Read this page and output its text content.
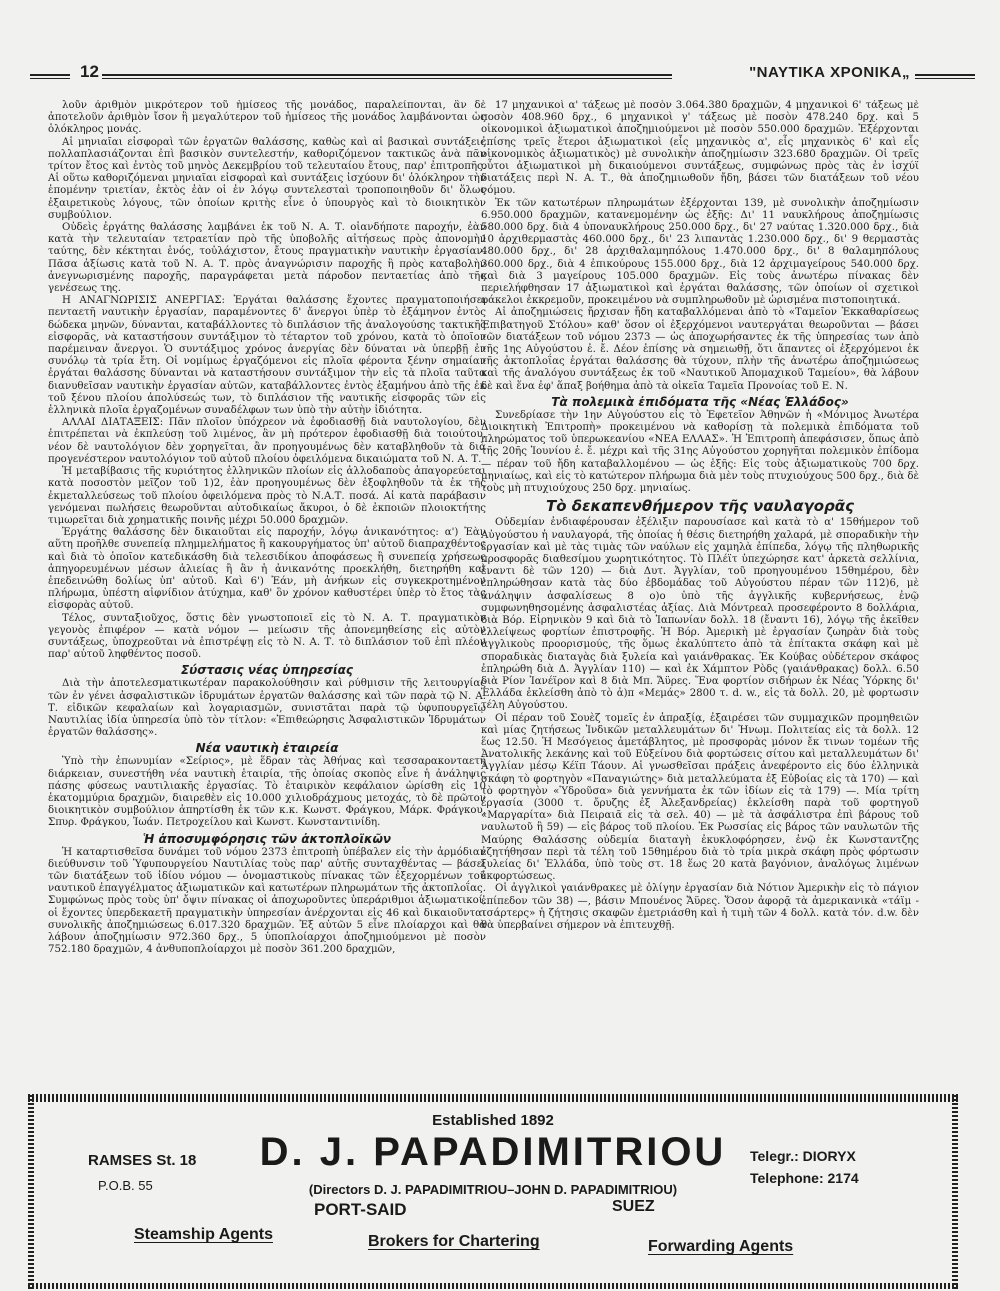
12	"ΝΑΥΤΙΚΑ ΧΡΟΝΙΚΑ„

λοῦν ἀριθμὸν μικρότερον τοῦ ἡμίσεος τῆς μονάδος, παραλείπονται, ἂν δὲ ἀποτελοῦν ἀριθμὸν ἴσον ἢ μεγαλύτερον τοῦ ἡμίσεος τῆς μονάδος λαμβάνονται ὡς ὁλόκληρος μονάς.

Αἱ μηνιαῖαι εἰσφοραὶ τῶν ἐργατῶν θαλάσσης, καθὼς καὶ αἱ βασικαὶ συντάξεις πολλαπλασιάζονται ἐπὶ βασικὸν συντελεστήν, καθοριζόμενον τακτικῶς ἀνὰ πᾶν τρίτον ἔτος καὶ ἐντὸς τοῦ μηνὸς Δεκεμβρίου τοῦ τελευταίου ἔτους, παρ' ἐπιτροπῆς. Αἱ οὕτω καθοριζόμεναι μηνιαῖαι εἰσφοραὶ καὶ συντάξεις ἰσχύουν δι' ὁλόκληρον τὴν ἑπομένην τριετίαν, ἐκτὸς ἐὰν οἱ ἐν λόγῳ συντελεσταὶ τροποποιηθοῦν δι' ὅλως ἐξαιρετικοὺς λόγους, τῶν ὁποίων κριτὴς εἶνε ὁ ὑπουργὸς καὶ τὸ διοικητικὸν συμβούλιον.

Οὐδεὶς ἐργάτης θαλάσσης λαμβάνει ἐκ τοῦ Ν. Α. Τ. οἱανδήποτε παροχήν, ἐὰν κατὰ τὴν τελευταίαν τετραετίαν πρὸ τῆς ὑποβολῆς αἰτήσεως πρὸς ἀπονομὴν ταύτης, δὲν κέκτηται ἑνός, τοὐλάχιστον, ἔτους πραγματικὴν ναυτικὴν ἐργασίαν. Πᾶσα ἀξίωσις κατὰ τοῦ Ν. Α. Τ. πρὸς ἀναγνώρισιν παροχῆς ἢ πρὸς καταβολὴν ἀνεγνωρισμένης παροχῆς, παραγράφεται μετὰ πάροδον πενταετίας ἀπὸ τῆς γενέσεως της.

Η ΑΝΑΓΝΩΡΙΣΙΣ ΑΝΕΡΓΙΑΣ: Ἐργάται θαλάσσης ἔχοντες πραγματοποιήσει πενταετῆ ναυτικὴν ἐργασίαν, παραμένοντες δ' ἄνεργοι ὑπὲρ τὸ ἑξάμηνον ἐντὸς δώδεκα μηνῶν, δύνανται, καταβάλλοντες τὸ διπλάσιον τῆς ἀναλογούσης τακτικῆς εἰσφορᾶς, νὰ καταστήσουν συντάξιμον τὸ τέταρτον τοῦ χρόνου, κατὰ τὸ ὁποῖον παρέμειναν ἄνεργοι. Ὁ συντάξιμος χρόνος ἀνεργίας δὲν δύναται νὰ ὑπερβῇ ἐν συνόλῳ τὰ τρία ἔτη. Οἱ νομίμως ἐργαζόμενοι εἰς πλοῖα φέροντα ξένην σημαίαν ἐργάται θαλάσσης δύνανται νὰ καταστήσουν συντάξιμον τὴν εἰς τὰ πλοῖα ταῦτα διανυθεῖσαν ναυτικὴν ἐργασίαν αὐτῶν, καταβάλλοντες ἐντὸς ἑξαμήνου ἀπὸ τῆς ἐκ τοῦ ξένου πλοίου ἀπολύσεώς των, τὸ διπλάσιον τῆς ναυτικῆς εἰσφορᾶς τῶν εἰς ἑλληνικὰ πλοῖα ἐργαζομένων συναδέλφων των ὑπὸ τὴν αὐτὴν ἰδιότητα.

ΑΛΛΑΙ ΔΙΑΤΑΞΕΙΣ: Πᾶν πλοῖον ὑπόχρεον νὰ ἐφοδιασθῇ διὰ ναυτολογίου, δὲν ἐπιτρέπεται νὰ ἐκπλεύσῃ τοῦ λιμένος, ἂν μὴ πρότερον ἐφοδιασθῇ διὰ τοιούτου, νέον δὲ ναυτολόγιον δὲν χορηγεῖται, ἂν προηγουμένως δὲν καταβληθοῦν τὰ διὰ προγενέστερον ναυτολόγιον τοῦ αὐτοῦ πλοίου ὀφειλόμενα δικαιώματα τοῦ Ν. Α. Τ.

Ἡ μεταβίβασις τῆς κυριότητος ἑλληνικῶν πλοίων εἰς ἀλλοδαποὺς ἀπαγορεύεται κατὰ ποσοστὸν μεῖζον τοῦ 1)2, ἐὰν προηγουμένως δὲν ἐξοφληθοῦν τὰ ἐκ τῆς ἐκμεταλλεύσεως τοῦ πλοίου ὀφειλόμενα πρὸς τὸ Ν.Α.Τ. ποσά. Αἱ κατὰ παράβασιν γενόμεναι πωλήσεις θεωροῦνται αὐτοδικαίως ἄκυροι, ὁ δὲ ἐκποιῶν πλοιοκτήτης τιμωρεῖται διὰ χρηματικῆς ποινῆς μέχρι 50.000 δραχμῶν.

Ἐργάτης θαλάσσης δὲν δικαιοῦται εἰς παροχήν, λόγῳ ἀνικανότητος: α') Ἐὰν αὕτη προῆλθε συνεπείᾳ πλημμελήματος ἢ κακουργήματος ὑπ' αὐτοῦ διαπραχθέντος καὶ διὰ τὸ ὁποῖον κατεδικάσθη διὰ τελεσιδίκου ἀποφάσεως ἢ συνεπείᾳ χρήσεως ἀπηγορευμένων μέσων ἁλιείας ἢ ἂν ἡ ἀνικανότης προεκλήθη, διετηρήθη καὶ ἐπεδεινώθη δολίως ὑπ' αὐτοῦ. Καὶ 6') Ἐάν, μὴ ἀνήκων εἰς συγκεκροτημένον πλήρωμα, ὑπέστη αἰφνίδιον ἀτύχημα, καθ' ὃν χρόνον καθυστέρει ὑπὲρ τὸ ἔτος τὰς εἰσφορὰς αὐτοῦ.

Τέλος, συνταξιοῦχος, ὅστις δὲν γνωστοποιεῖ εἰς τὸ Ν. Α. Τ. πραγματικὸν γεγονὸς ἐπιφέρον — κατὰ νόμον — μείωσιν τῆς ἀπονεμηθείσης εἰς αὐτὸν συντάξεως, ὑποχρεοῦται νὰ ἐπιστρέψῃ εἰς τὸ Ν. Α. Τ. τὸ διπλάσιον τοῦ ἐπὶ πλέον παρ' αὐτοῦ ληφθέντος ποσοῦ.

Σύστασις νέας ὑπηρεσίας

Διὰ τὴν ἀποτελεσματικωτέραν παρακολούθησιν καὶ ρύθμισιν τῆς λειτουργίας τῶν ἐν γένει ἀσφαλιστικῶν ἱδρυμάτων ἐργατῶν θαλάσσης καὶ τῶν παρὰ τῷ Ν. Α. Τ. εἰδικῶν κεφαλαίων καὶ λογαριασμῶν, συνιστᾶται παρὰ τῷ ὑφυπουργεῖῳ Ναυτιλίας ἰδία ὑπηρεσία ὑπὸ τὸν τίτλον: «Ἐπιθεώρησις Ἀσφαλιστικῶν Ἱδρυμάτων ἐργατῶν θαλάσσης».

Νέα ναυτικὴ ἑταιρεία

Ὑπὸ τὴν ἐπωνυμίαν «Σείριος», μὲ ἕδραν τὰς Ἀθήνας καὶ τεσσαρακονταετῆ διάρκειαν, συνεστήθη νέα ναυτικὴ ἑταιρία, τῆς ὁποίας σκοπὸς εἶνε ἡ ἀνάληψις πάσης φύσεως ναυτιλιακῆς ἐργασίας. Τὸ ἑταιρικὸν κεφάλαιον ὡρίσθη εἰς 10 ἑκατομμύρια δραχμῶν, διαιρεθὲν εἰς 10.000 χιλιοδράχμους μετοχάς, τὸ δὲ πρῶτον διοικητικὸν συμβούλιον ἀπηρτίσθη ἐκ τῶν κ.κ. Κωνστ. Φράγκου, Μάρκ. Φράγκου, Σπυρ. Φράγκου, Ἰωάν. Πετροχείλου καὶ Κωνστ. Κωνσταντινίδη.

Ἡ ἀποσυμφόρησις τῶν ἀκτοπλοϊκῶν

Ἡ καταρτισθεῖσα δυνάμει τοῦ νόμου 2373 ἐπιτροπὴ ὑπέβαλεν εἰς τὴν ἁρμόδιαν διεύθυνσιν τοῦ Ὑφυπουργείου Ναυτιλίας τοὺς παρ' αὐτῆς συνταχθέντας — βάσει τῶν διατάξεων τοῦ ἰδίου νόμου — ὀνομαστικοὺς πίνακας τῶν ἐξεχορμένων τοῦ ναυτικοῦ ἐπαγγέλματος ἀξιωματικῶν καὶ κατωτέρων πληρωμάτων τῆς ἀκτοπλοΐας. Συμφώνως πρὸς τοὺς ὑπ' ὄψιν πίνακας οἱ ἀποχωροῦντες ὑπεράριθμοι ἀξιωματικοί, οἱ ἔχοντες ὑπερδεκαετῆ πραγματικὴν ὑπηρεσίαν ἀνέρχονται εἰς 46 καὶ δικαιοῦνται συνολικῆς ἀποζημιώσεως 6.017.320 δραχμῶν. Ἐξ αὐτῶν 5 εἶνε πλοίαρχοι καὶ θὰ λάβουν ἀποζημίωσιν 972.360 δρχ., 5 ὑποπλοίαρχοι ἀποζημιούμενοι μὲ ποσὸν 752.180 δραχμῶν, 4 ἀνθυποπλοίαρχοι μὲ ποσὸν 361.200 δραχμῶν,

17 μηχανικοὶ α' τάξεως μὲ ποσὸν 3.064.380 δραχμῶν, 4 μηχανικοὶ 6' τάξεως μὲ ποσὸν 408.960 δρχ., 6 μηχανικοὶ γ' τάξεως μὲ ποσὸν 478.240 δρχ. καὶ 5 οἰκονομικοὶ ἀξιωματικοὶ ἀποζημιούμενοι μὲ ποσὸν 550.000 δραχμῶν. Ἐξέρχονται ἐπίσης τρεῖς ἕτεροι ἀξιωματικοὶ (εἷς μηχανικὸς α', εἷς μηχανικὸς 6' καὶ εἷς οἰκονομικὸς ἀξιωματικὸς) μὲ συνολικὴν ἀποζημίωσιν 323.680 δραχμῶν. Οἱ τρεῖς οὗτοι ἀξιωματικοὶ μὴ δικαιούμενοι συντάξεως, συμφώνως πρὸς τὰς ἐν ἰσχύϊ διατάξεις περὶ Ν. Α. Τ., θὰ ἀποζημιωθοῦν ἤδη, βάσει τῶν διατάξεων τοῦ νέου νόμου.

Ἐκ τῶν κατωτέρων πληρωμάτων ἐξέρχονται 139, μὲ συνολικὴν ἀποζημίωσιν 6.950.000 δραχμῶν, κατανεμομένην ὡς ἑξῆς: Δι' 11 ναυκλήρους ἀποζημίωσις 580.000 δρχ. διὰ 4 ὑποναυκλήρους 250.000 δρχ., δι' 27 ναύτας 1.320.000 δρχ., διὰ 10 ἀρχιθερμαστὰς 460.000 δρχ., δι' 23 λιπαντὰς 1.230.000 δρχ., δι' 9 θερμαστὰς 480.000 δρχ., δι' 28 ἀρχιθαλαμηπόλους 1.470.000 δρχ., δι' 8 θαλαμηπόλους 360.000 δρχ., διὰ 4 ἐπικούρους 155.000 δρχ., διὰ 12 ἀρχιμαγείρους 540.000 δρχ. καὶ διὰ 3 μαγείρους 105.000 δραχμῶν. Εἰς τοὺς ἀνωτέρω πίνακας δὲν περιελήφθησαν 17 ἀξιωματικοὶ καὶ ἐργάται θαλάσσης, τῶν ὁποίων οἱ σχετικοὶ φάκελοι ἐκκρεμοῦν, προκειμένου νὰ συμπληρωθοῦν μὲ ὡρισμένα πιστοποιητικά.

Αἱ ἀποζημιώσεις ἤρχισαν ἤδη καταβαλλόμεναι ἀπὸ τὸ «Ταμεῖον Ἐκκαθαρίσεως Ἐπιβατηγοῦ Στόλου» καθ' ὅσον οἱ ἐξερχόμενοι ναυτεργάται θεωροῦνται — βάσει τῶν διατάξεων τοῦ νόμου 2373 — ὡς ἀποχωρήσαντες ἐκ τῆς ὑπηρεσίας των ἀπὸ τῆς 1ης Αὐγούστου ἐ. ἔ. Δέον ἐπίσης νὰ σημειωθῇ, ὅτι ἅπαντες οἱ ἐξερχόμενοι ἐκ τῆς ἀκτοπλοΐας ἐργάται θαλάσσης θὰ τύχουν, πλὴν τῆς ἀνωτέρω ἀποζημιώσεως καὶ τῆς ἀναλόγου συντάξεως ἐκ τοῦ «Ναυτικοῦ Ἀπομαχικοῦ Ταμείου», θὰ λάβουν δὲ καὶ ἕνα ἐφ' ἅπαξ βοήθημα ἀπὸ τὰ οἰκεῖα Ταμεῖα Προνοίας τοῦ Ε. Ν.

Τὰ πολεμικὰ ἐπιδόματα τῆς «Νέας Ἑλλάδος»

Συνεδρίασε τὴν 1ην Αὐγούστου εἰς τὸ Ἐφετεῖον Ἀθηνῶν ἡ «Μόνιμος Ἀνωτέρα Διοικητικὴ Ἐπιτροπὴ» προκειμένου νὰ καθορίσῃ τὰ πολεμικὰ ἐπιδόματα τοῦ πληρώματος τοῦ ὑπερωκεανίου «ΝΕΑ ΕΛΛΑΣ». Ἡ Ἐπιτροπὴ ἀπεφάσισεν, ὅπως ἀπὸ τῆς 20ῆς Ἰουνίου ἐ. ἔ. μέχρι καὶ τῆς 31ης Αὐγούστου χορηγῆται πολεμικὸν ἐπίδομα — πέραν τοῦ ἤδη καταβαλλομένου — ὡς ἑξῆς: Εἰς τοὺς ἀξιωματικοὺς 700 δρχ. μηνιαίως, καὶ εἰς τὸ κατώτερον πλήρωμα διὰ μὲν τοὺς πτυχιούχους 500 δρχ., διὰ δὲ τοὺς μὴ πτυχιούχους 250 δρχ. μηνιαίως.

Τὸ δεκαπενθήμερον τῆς ναυλαγορᾶς

Οὐδεμίαν ἐνδιαφέρουσαν ἐξέλιξιν παρουσίασε καὶ κατὰ τὸ α' 15θήμερον τοῦ Αὐγούστου ἡ ναυλαγορά, τῆς ὁποίας ἡ θέσις διετηρήθη χαλαρά, μὲ σποραδικὴν τὴν ἐργασίαν καὶ μὲ τὰς τιμὰς τῶν ναύλων εἰς χαμηλὰ ἐπίπεδα, λόγῳ τῆς πληθωρικῆς προσφορᾶς διαθεσίμου χωρητικότητος. Τὸ Πλέϊτ ὑπεχώρησε κατ' ἀρκετὰ σελλίνια, ἔναντι δὲ τῶν 120) — διὰ Δυτ. Ἀγγλίαν, τοῦ προηγουμένου 15θημέρου, δὲν ἐπληρώθησαν κατὰ τὰς δύο ἑβδομάδας τοῦ Αὐγούστου πέραν τῶν 112)6, μὲ ἀνάληψιν ἀσφαλίσεως 8 ο)ο ὑπὸ τῆς ἀγγλικῆς κυβερνήσεως, ἐνῷ συμφωνηθησομένης ἀσφαλιστέας ἀξίας. Διὰ Μόντρεαλ προσεφέροντο 8 δολλάρια, διὰ Βόρ. Εἰρηνικὸν 9 καὶ διὰ τὸ Ἰαπωνίαν δολλ. 18 (ἔναντι 16), λόγῳ τῆς ἐκεῖθεν ἐλλείψεως φορτίων ἐπιστροφῆς. Ἡ Βόρ. Ἀμερικὴ μὲ ἐργασίαν ζωηρὰν διὰ τοὺς ἀγγλικοὺς προορισμούς, τῆς ὅμως ἐκαλύπτετο ἀπὸ τὰ ἐπίτακτα σκάφη καὶ μὲ σποραδικὰς διαταγὰς διὰ ξυλεία καὶ γαιάνθρακας. Ἐκ Κούβας οὐδέτερον σκάφος ἐπληρώθη διὰ Δ. Ἀγγλίαν 110) — καὶ ἐκ Χάμπτον Ρὸδς (γαιάνθρακας) δολλ. 6.50 διὰ Ρίον Ἰανέϊρον καὶ 8 διὰ Μπ. Ἄϋρες. Ἕνα φορτίον σιδήρων ἐκ Νέας Ὑόρκης δι' Ἑλλάδα ἐκλείσθη ἀπὸ τὸ ἀ)π «Μεμάς» 2800 τ. d. w., εἰς τὰ δολλ. 20, μὲ φορτωσιν τέλη Αὐγούστου.

Οἱ πέραν τοῦ Σουὲζ τομεῖς ἐν ἀπραξίᾳ, ἐξαιρέσει τῶν συμμαχικῶν προμηθειῶν καὶ μίας ζητήσεως Ἰνδικῶν μεταλλευμάτων δι' Ἠνωμ. Πολιτείας εἰς τὰ δολλ. 12 ἕως 12.50. Ἡ Μεσόγειος ἀμετάβλητος, μὲ προσφορὰς μόνον ἔκ τινων τομέων τῆς Ἀνατολικῆς λεκάνης καὶ τοῦ Εὐξείνου διὰ φορτώσεις σίτου καὶ μεταλλευμάτων δι' Ἀγγλίαν μέσῳ Κέϊπ Τάουν. Αἱ γνωσθεῖσαι πράξεις ἀνεφέροντο εἰς δύο ἑλληνικὰ σκάφη τὸ φορτηγὸν «Παναγιώτης» διὰ μεταλλεύματα ἐξ Εὐβοίας εἰς τὰ 170) — καὶ τὸ φορτηγὸν «Ὑδροῦσα» διὰ γεννήματα ἐκ τῶν ἰδίων εἰς τὰ 179) —. Μία τρίτη ἐργασία (3000 τ. ὄρυζης ἐξ Ἀλεξανδρείας) ἐκλείσθη παρὰ τοῦ φορτηγοῦ «Μαργαρίτα» διὰ Πειραιᾶ εἰς τὰ σελ. 40) — μὲ τὰ ἀσφάλιστρα ἐπὶ βάρους τοῦ ναυλωτοῦ ἢ 59) — εἰς βάρος τοῦ πλοίου. Ἐκ Ρωσσίας εἰς βάρος τῶν ναυλωτῶν τῆς Μαύρης Θαλάσσης οὐδεμία διαταγὴ ἐκυκλοφόρησεν, ἐνῷ ἐκ Κωνσταντζης ἐζητήθησαν περὶ τὰ τέλη τοῦ 15θημέρου διὰ τὸ τρία μικρὰ σκάφη πρὸς φόρτωσιν ξυλείας δι' Ἑλλάδα, ὑπὸ τοὺς στ. 18 ἕως 20 κατὰ βαγόνιον, ἀναλόγως λιμένων ἐκφορτώσεως.

Οἱ ἀγγλικοὶ γαιάνθρακες μὲ ὀλίγην ἐργασίαν διὰ Νότιον Ἀμερικὴν εἰς τὸ πάγιον ἐπίπεδον τῶν 38) —, βάσιν Μπουένος Ἄϋρες. Ὅσον ἀφορᾷ τὰ ἀμερικανικὰ «τάϊμ - τσάρτερς» ἡ ζήτησις σκαφῶν ἐμετριάσθη καὶ ἡ τιμὴ τῶν 4 δολλ. κατὰ τόν. d.w. δὲν θὰ ὑπερβαίνει σήμερον νὰ ἐπιτευχθῇ.

Established 1892
D. J. PAPADIMITRIOU
RAMSES St. 18
P.O.B. 55
Telegr.: DIORYX
Telephone: 2174
(Directors D. J. PAPADIMITRIOU–JOHN D. PAPADIMITRIOU)
PORT-SAID	SUEZ
Steamship Agents	Brokers for Chartering	Forwarding Agents
